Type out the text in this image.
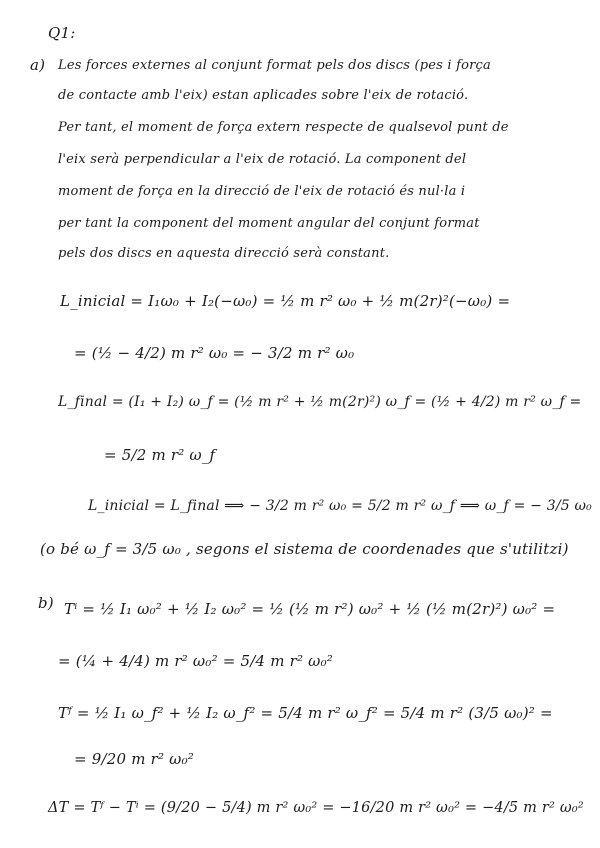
Q1:
a) Les forces externes al conjunt format pels dos discs (pes i força
de contacte amb l'eix) estan aplicades sobre l'eix de rotació.
Per tant, el moment de força extern respecte de qualsevol punt de
l'eix serà perpendicular a l'eix de rotació. La component del
moment de força en la direcció de l'eix de rotació és nul·la i
per tant la component del moment angular del conjunt format
pels dos discs en aquesta direcció serà constant.
L_inicial = I₁ω₀ + I₂(−ω₀) = ½ m r² ω₀ + ½ m(2r)²(−ω₀) =
= (½ − 4/2) m r² ω₀ = − 3/2 m r² ω₀
L_final = (I₁ + I₂) ω_f = (½ m r² + ½ m(2r)²) ω_f = (½ + 4/2) m r² ω_f =
= 5/2 m r² ω_f
L_inicial = L_final ⟹ − 3/2 m r² ω₀ = 5/2 m r² ω_f ⟹ ω_f = − 3/5 ω₀
(o bé ω_f = 3/5 ω₀ , segons el sistema de coordenades que s'utilitzi)
b) Tⁱ = ½ I₁ ω₀² + ½ I₂ ω₀² = ½ (½ m r²) ω₀² + ½ (½ m(2r)²) ω₀² =
= (¼ + 4/4) m r² ω₀² = 5/4 m r² ω₀²
Tᶠ = ½ I₁ ω_f² + ½ I₂ ω_f² = 5/4 m r² ω_f² = 5/4 m r² (3/5 ω₀)² =
= 9/20 m r² ω₀²
ΔT = Tᶠ − Tⁱ = (9/20 − 5/4) m r² ω₀² = −16/20 m r² ω₀² = −4/5 m r² ω₀²
